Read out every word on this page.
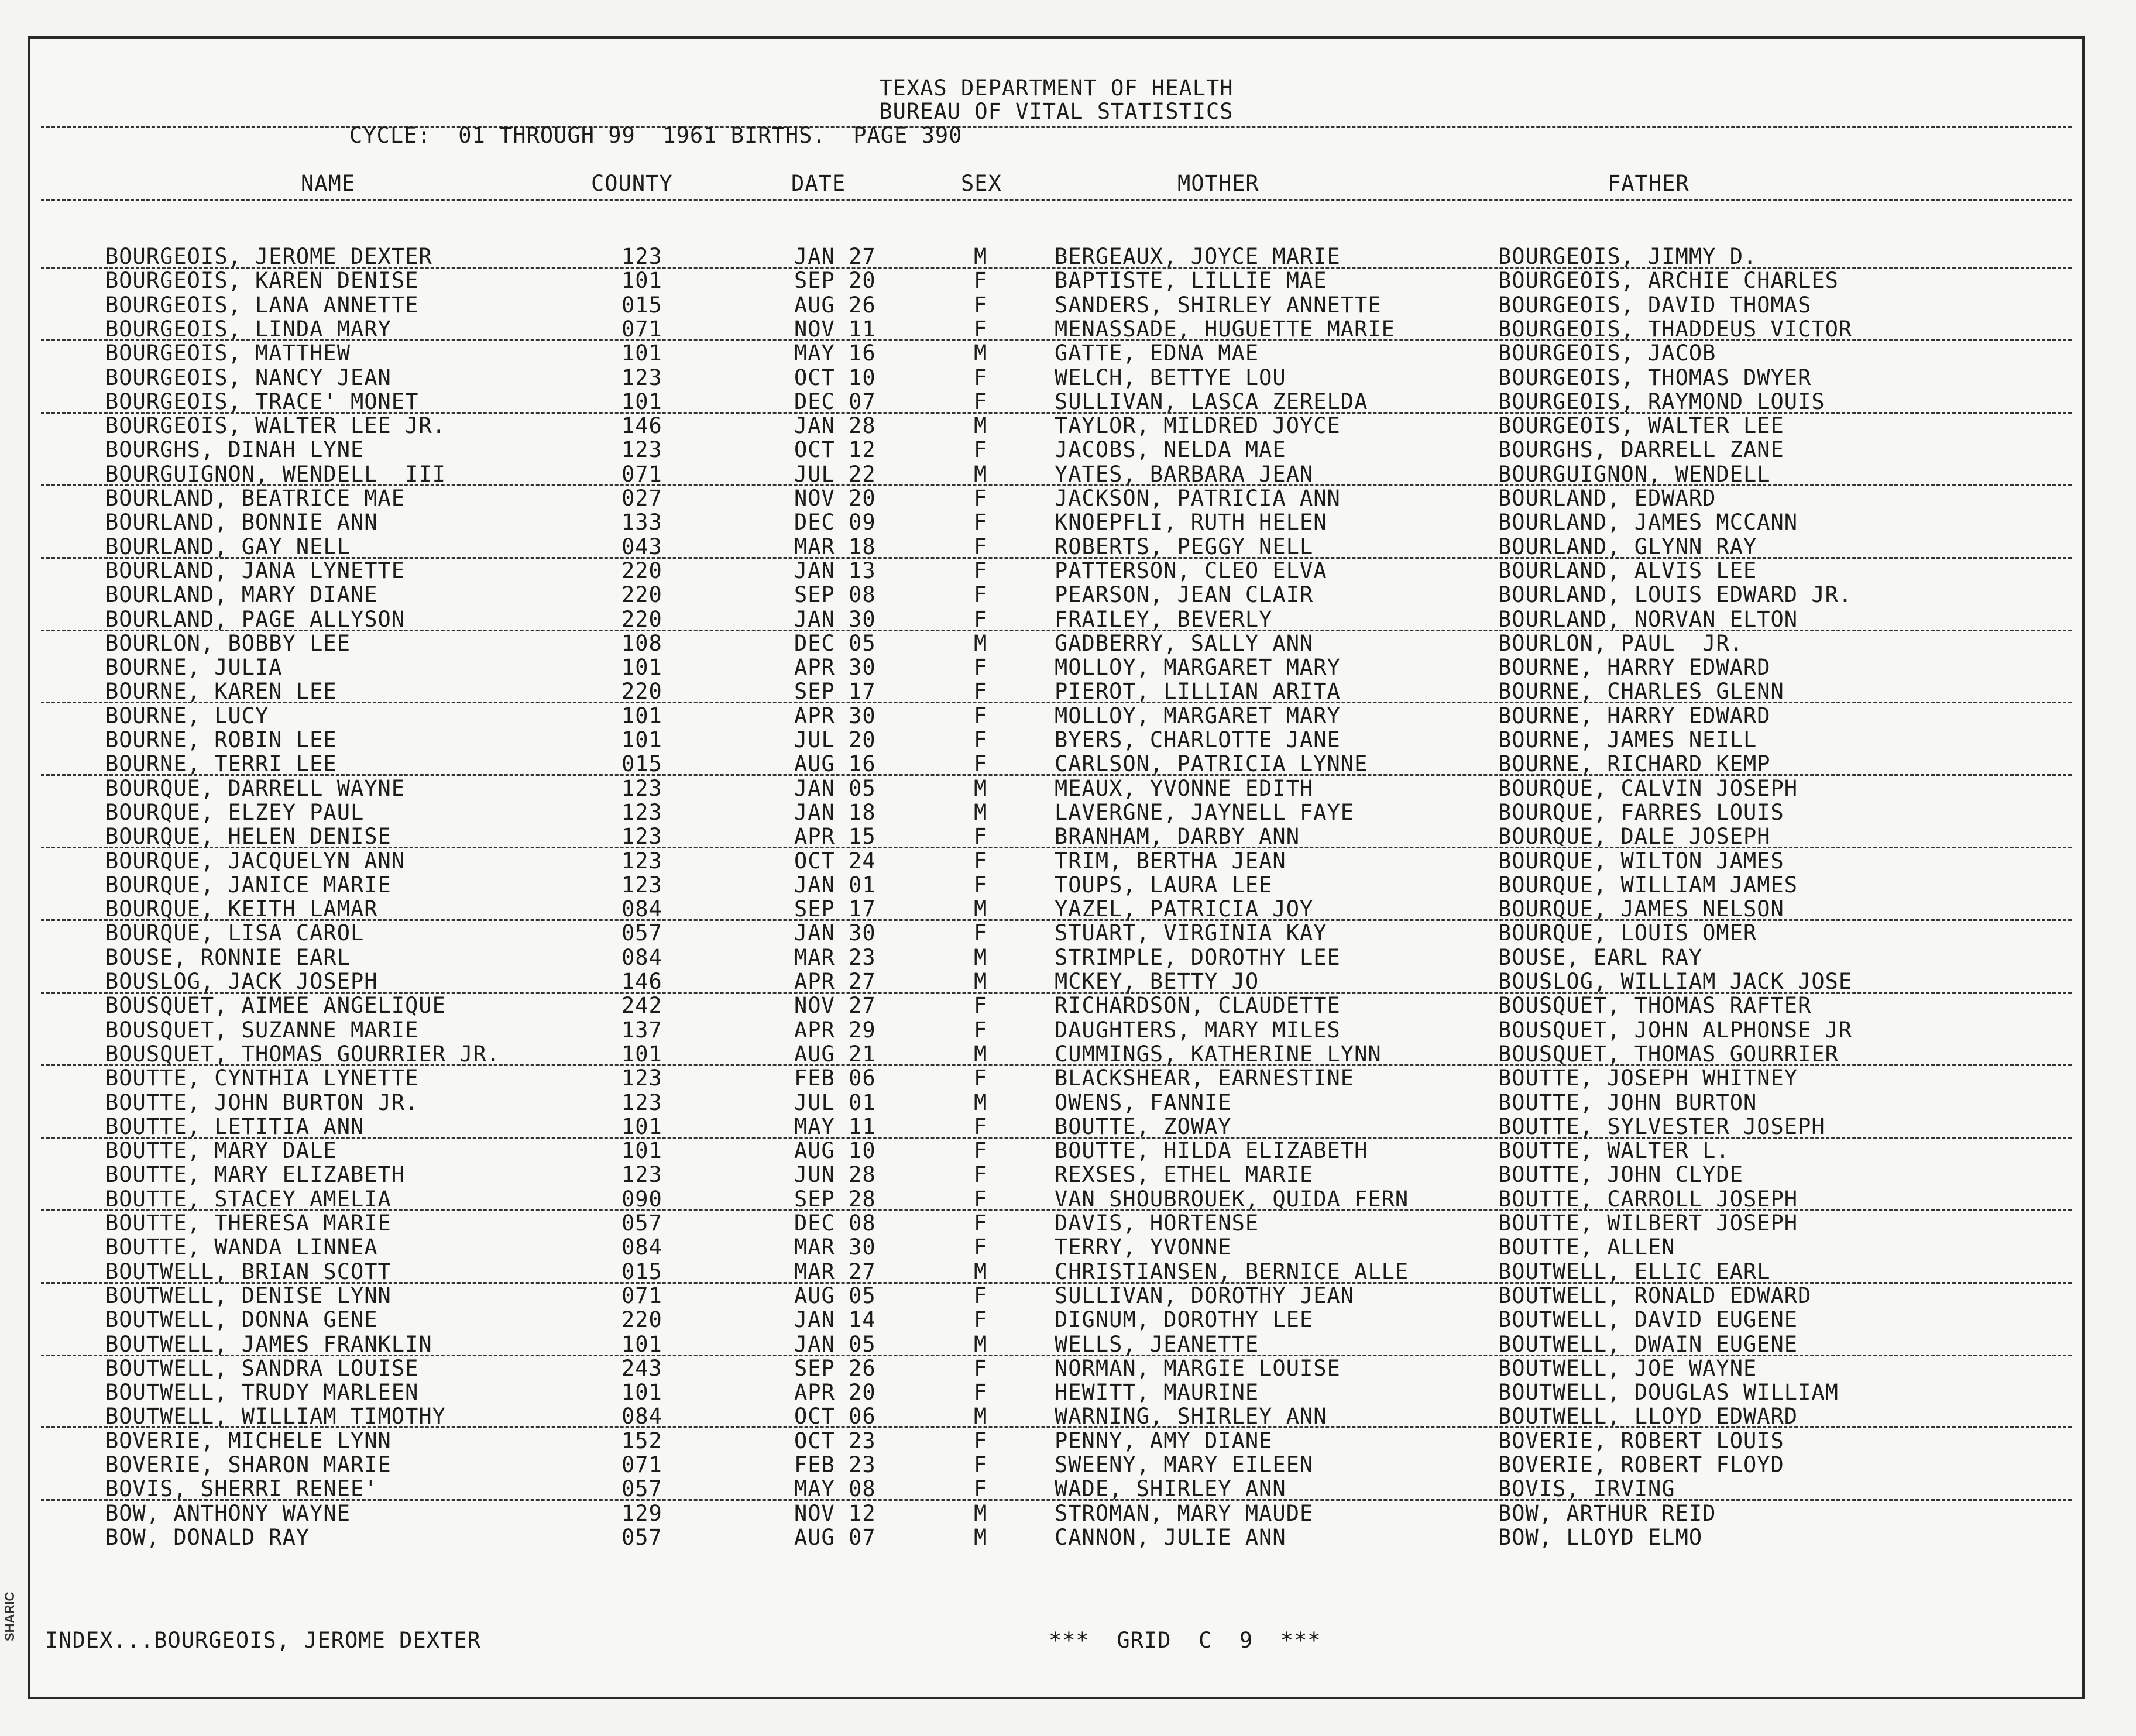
TEXAS DEPARTMENT OF HEALTH
BUREAU OF VITAL STATISTICS
CYCLE:  01 THROUGH 99  1961 BIRTHS.  PAGE 390
NAME	COUNTY	DATE	SEX	MOTHER	FATHER
BOURGEOIS, JEROME DEXTER	123	JAN 27	M	BERGEAUX, JOYCE MARIE	BOURGEOIS, JIMMY D.
BOURGEOIS, KAREN DENISE	101	SEP 20	F	BAPTISTE, LILLIE MAE	BOURGEOIS, ARCHIE CHARLES
BOURGEOIS, LANA ANNETTE	015	AUG 26	F	SANDERS, SHIRLEY ANNETTE	BOURGEOIS, DAVID THOMAS
BOURGEOIS, LINDA MARY	071	NOV 11	F	MENASSADE, HUGUETTE MARIE	BOURGEOIS, THADDEUS VICTOR
BOURGEOIS, MATTHEW	101	MAY 16	M	GATTE, EDNA MAE	BOURGEOIS, JACOB
BOURGEOIS, NANCY JEAN	123	OCT 10	F	WELCH, BETTYE LOU	BOURGEOIS, THOMAS DWYER
BOURGEOIS, TRACE' MONET	101	DEC 07	F	SULLIVAN, LASCA ZERELDA	BOURGEOIS, RAYMOND LOUIS
BOURGEOIS, WALTER LEE JR.	146	JAN 28	M	TAYLOR, MILDRED JOYCE	BOURGEOIS, WALTER LEE
BOURGHS, DINAH LYNE	123	OCT 12	F	JACOBS, NELDA MAE	BOURGHS, DARRELL ZANE
BOURGUIGNON, WENDELL  III	071	JUL 22	M	YATES, BARBARA JEAN	BOURGUIGNON, WENDELL
BOURLAND, BEATRICE MAE	027	NOV 20	F	JACKSON, PATRICIA ANN	BOURLAND, EDWARD
BOURLAND, BONNIE ANN	133	DEC 09	F	KNOEPFLI, RUTH HELEN	BOURLAND, JAMES MCCANN
BOURLAND, GAY NELL	043	MAR 18	F	ROBERTS, PEGGY NELL	BOURLAND, GLYNN RAY
BOURLAND, JANA LYNETTE	220	JAN 13	F	PATTERSON, CLEO ELVA	BOURLAND, ALVIS LEE
BOURLAND, MARY DIANE	220	SEP 08	F	PEARSON, JEAN CLAIR	BOURLAND, LOUIS EDWARD JR.
BOURLAND, PAGE ALLYSON	220	JAN 30	F	FRAILEY, BEVERLY	BOURLAND, NORVAN ELTON
BOURLON, BOBBY LEE	108	DEC 05	M	GADBERRY, SALLY ANN	BOURLON, PAUL  JR.
BOURNE, JULIA	101	APR 30	F	MOLLOY, MARGARET MARY	BOURNE, HARRY EDWARD
BOURNE, KAREN LEE	220	SEP 17	F	PIEROT, LILLIAN ARITA	BOURNE, CHARLES GLENN
BOURNE, LUCY	101	APR 30	F	MOLLOY, MARGARET MARY	BOURNE, HARRY EDWARD
BOURNE, ROBIN LEE	101	JUL 20	F	BYERS, CHARLOTTE JANE	BOURNE, JAMES NEILL
BOURNE, TERRI LEE	015	AUG 16	F	CARLSON, PATRICIA LYNNE	BOURNE, RICHARD KEMP
BOURQUE, DARRELL WAYNE	123	JAN 05	M	MEAUX, YVONNE EDITH	BOURQUE, CALVIN JOSEPH
BOURQUE, ELZEY PAUL	123	JAN 18	M	LAVERGNE, JAYNELL FAYE	BOURQUE, FARRES LOUIS
BOURQUE, HELEN DENISE	123	APR 15	F	BRANHAM, DARBY ANN	BOURQUE, DALE JOSEPH
BOURQUE, JACQUELYN ANN	123	OCT 24	F	TRIM, BERTHA JEAN	BOURQUE, WILTON JAMES
BOURQUE, JANICE MARIE	123	JAN 01	F	TOUPS, LAURA LEE	BOURQUE, WILLIAM JAMES
BOURQUE, KEITH LAMAR	084	SEP 17	M	YAZEL, PATRICIA JOY	BOURQUE, JAMES NELSON
BOURQUE, LISA CAROL	057	JAN 30	F	STUART, VIRGINIA KAY	BOURQUE, LOUIS OMER
BOUSE, RONNIE EARL	084	MAR 23	M	STRIMPLE, DOROTHY LEE	BOUSE, EARL RAY
BOUSLOG, JACK JOSEPH	146	APR 27	M	MCKEY, BETTY JO	BOUSLOG, WILLIAM JACK JOSE
BOUSQUET, AIMEE ANGELIQUE	242	NOV 27	F	RICHARDSON, CLAUDETTE	BOUSQUET, THOMAS RAFTER
BOUSQUET, SUZANNE MARIE	137	APR 29	F	DAUGHTERS, MARY MILES	BOUSQUET, JOHN ALPHONSE JR
BOUSQUET, THOMAS GOURRIER JR.	101	AUG 21	M	CUMMINGS, KATHERINE LYNN	BOUSQUET, THOMAS GOURRIER
BOUTTE, CYNTHIA LYNETTE	123	FEB 06	F	BLACKSHEAR, EARNESTINE	BOUTTE, JOSEPH WHITNEY
BOUTTE, JOHN BURTON JR.	123	JUL 01	M	OWENS, FANNIE	BOUTTE, JOHN BURTON
BOUTTE, LETITIA ANN	101	MAY 11	F	BOUTTE, ZOWAY	BOUTTE, SYLVESTER JOSEPH
BOUTTE, MARY DALE	101	AUG 10	F	BOUTTE, HILDA ELIZABETH	BOUTTE, WALTER L.
BOUTTE, MARY ELIZABETH	123	JUN 28	F	REXSES, ETHEL MARIE	BOUTTE, JOHN CLYDE
BOUTTE, STACEY AMELIA	090	SEP 28	F	VAN SHOUBROUEK, QUIDA FERN	BOUTTE, CARROLL JOSEPH
BOUTTE, THERESA MARIE	057	DEC 08	F	DAVIS, HORTENSE	BOUTTE, WILBERT JOSEPH
BOUTTE, WANDA LINNEA	084	MAR 30	F	TERRY, YVONNE	BOUTTE, ALLEN
BOUTWELL, BRIAN SCOTT	015	MAR 27	M	CHRISTIANSEN, BERNICE ALLE	BOUTWELL, ELLIC EARL
BOUTWELL, DENISE LYNN	071	AUG 05	F	SULLIVAN, DOROTHY JEAN	BOUTWELL, RONALD EDWARD
BOUTWELL, DONNA GENE	220	JAN 14	F	DIGNUM, DOROTHY LEE	BOUTWELL, DAVID EUGENE
BOUTWELL, JAMES FRANKLIN	101	JAN 05	M	WELLS, JEANETTE	BOUTWELL, DWAIN EUGENE
BOUTWELL, SANDRA LOUISE	243	SEP 26	F	NORMAN, MARGIE LOUISE	BOUTWELL, JOE WAYNE
BOUTWELL, TRUDY MARLEEN	101	APR 20	F	HEWITT, MAURINE	BOUTWELL, DOUGLAS WILLIAM
BOUTWELL, WILLIAM TIMOTHY	084	OCT 06	M	WARNING, SHIRLEY ANN	BOUTWELL, LLOYD EDWARD
BOVERIE, MICHELE LYNN	152	OCT 23	F	PENNY, AMY DIANE	BOVERIE, ROBERT LOUIS
BOVERIE, SHARON MARIE	071	FEB 23	F	SWEENY, MARY EILEEN	BOVERIE, ROBERT FLOYD
BOVIS, SHERRI RENEE'	057	MAY 08	F	WADE, SHIRLEY ANN	BOVIS, IRVING
BOW, ANTHONY WAYNE	129	NOV 12	M	STROMAN, MARY MAUDE	BOW, ARTHUR REID
BOW, DONALD RAY	057	AUG 07	M	CANNON, JULIE ANN	BOW, LLOYD ELMO
INDEX...BOURGEOIS, JEROME DEXTER	***  GRID  C  9  ***
SHARIC
